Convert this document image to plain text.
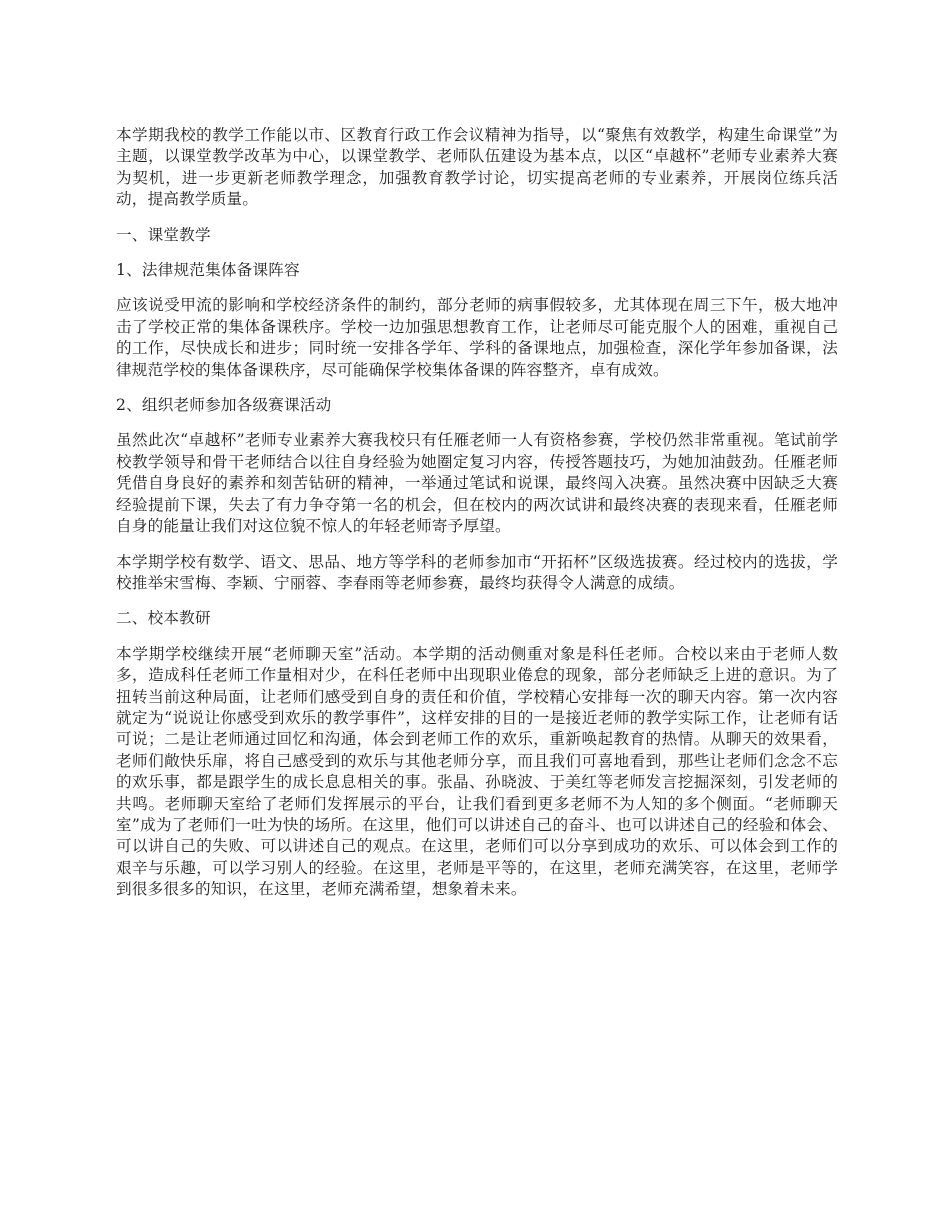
本学期我校的教学工作能以市、区教育行政工作会议精神为指导，以“聚焦有效教学，构建生命课堂”为主题，以课堂教学改革为中心，以课堂教学、老师队伍建设为基本点，以区“卓越杯”老师专业素养大赛为契机，进一步更新老师教学理念，加强教育教学讨论，切实提高老师的专业素养，开展岗位练兵活动，提高教学质量。

一、课堂教学

1、法律规范集体备课阵容

应该说受甲流的影响和学校经济条件的制约，部分老师的病事假较多，尤其体现在周三下午，极大地冲击了学校正常的集体备课秩序。学校一边加强思想教育工作，让老师尽可能克服个人的困难，重视自己的工作，尽快成长和进步；同时统一安排各学年、学科的备课地点，加强检查，深化学年参加备课，法律规范学校的集体备课秩序，尽可能确保学校集体备课的阵容整齐，卓有成效。

2、组织老师参加各级赛课活动

虽然此次“卓越杯”老师专业素养大赛我校只有任雁老师一人有资格参赛，学校仍然非常重视。笔试前学校教学领导和骨干老师结合以往自身经验为她圈定复习内容，传授答题技巧，为她加油鼓劲。任雁老师凭借自身良好的素养和刻苦钻研的精神，一举通过笔试和说课，最终闯入决赛。虽然决赛中因缺乏大赛经验提前下课，失去了有力争夺第一名的机会，但在校内的两次试讲和最终决赛的表现来看，任雁老师自身的能量让我们对这位貌不惊人的年轻老师寄予厚望。

本学期学校有数学、语文、思品、地方等学科的老师参加市“开拓杯”区级选拔赛。经过校内的选拔，学校推举宋雪梅、李颖、宁丽蓉、李春雨等老师参赛，最终均获得令人满意的成绩。

二、校本教研

本学期学校继续开展“老师聊天室”活动。本学期的活动侧重对象是科任老师。合校以来由于老师人数多，造成科任老师工作量相对少，在科任老师中出现职业倦怠的现象，部分老师缺乏上进的意识。为了扭转当前这种局面，让老师们感受到自身的责任和价值，学校精心安排每一次的聊天内容。第一次内容就定为“说说让你感受到欢乐的教学事件”，这样安排的目的一是接近老师的教学实际工作，让老师有话可说；二是让老师通过回忆和沟通，体会到老师工作的欢乐，重新唤起教育的热情。从聊天的效果看，老师们敞快乐扉，将自己感受到的欢乐与其他老师分享，而且我们可喜地看到，那些让老师们念念不忘的欢乐事，都是跟学生的成长息息相关的事。张晶、孙晓波、于美红等老师发言挖掘深刻，引发老师的共鸣。老师聊天室给了老师们发挥展示的平台，让我们看到更多老师不为人知的多个侧面。“老师聊天室”成为了老师们一吐为快的场所。在这里，他们可以讲述自己的奋斗、也可以讲述自己的经验和体会、可以讲自己的失败、可以讲述自己的观点。在这里，老师们可以分享到成功的欢乐、可以体会到工作的艰辛与乐趣，可以学习别人的经验。在这里，老师是平等的，在这里，老师充满笑容，在这里，老师学到很多很多的知识，在这里，老师充满希望，想象着未来。
